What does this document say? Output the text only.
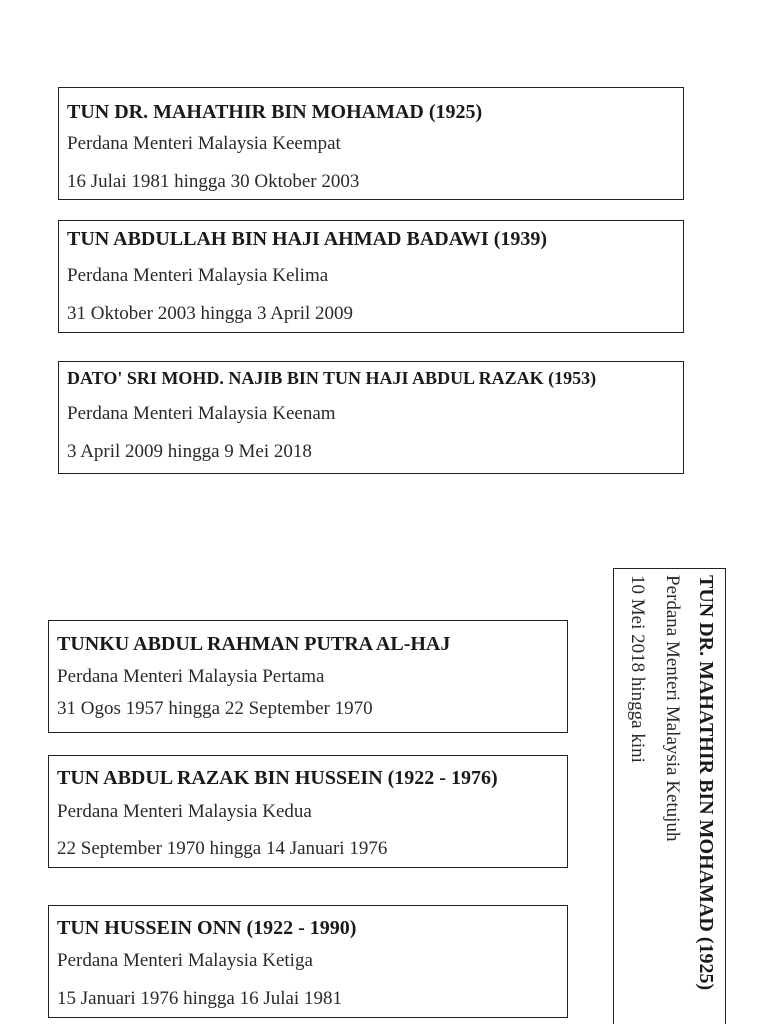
TUN DR. MAHATHIR BIN MOHAMAD (1925)
Perdana Menteri Malaysia Keempat
16 Julai 1981 hingga 30 Oktober 2003
TUN ABDULLAH BIN HAJI AHMAD BADAWI (1939)
Perdana Menteri Malaysia Kelima
31 Oktober 2003 hingga 3 April 2009
DATO' SRI MOHD. NAJIB BIN TUN HAJI ABDUL RAZAK (1953)
Perdana Menteri Malaysia Keenam
3 April 2009 hingga 9 Mei 2018
TUNKU ABDUL RAHMAN PUTRA AL-HAJ
Perdana Menteri Malaysia Pertama
31 Ogos 1957 hingga 22 September 1970
TUN ABDUL RAZAK BIN HUSSEIN (1922 - 1976)
Perdana Menteri Malaysia Kedua
22 September 1970 hingga 14 Januari 1976
TUN HUSSEIN ONN (1922 - 1990)
Perdana Menteri Malaysia Ketiga
15 Januari 1976 hingga 16 Julai 1981
TUN DR. MAHATHIR BIN MOHAMAD (1925)
Perdana Menteri Malaysia Ketujuh
10 Mei 2018 hingga kini
